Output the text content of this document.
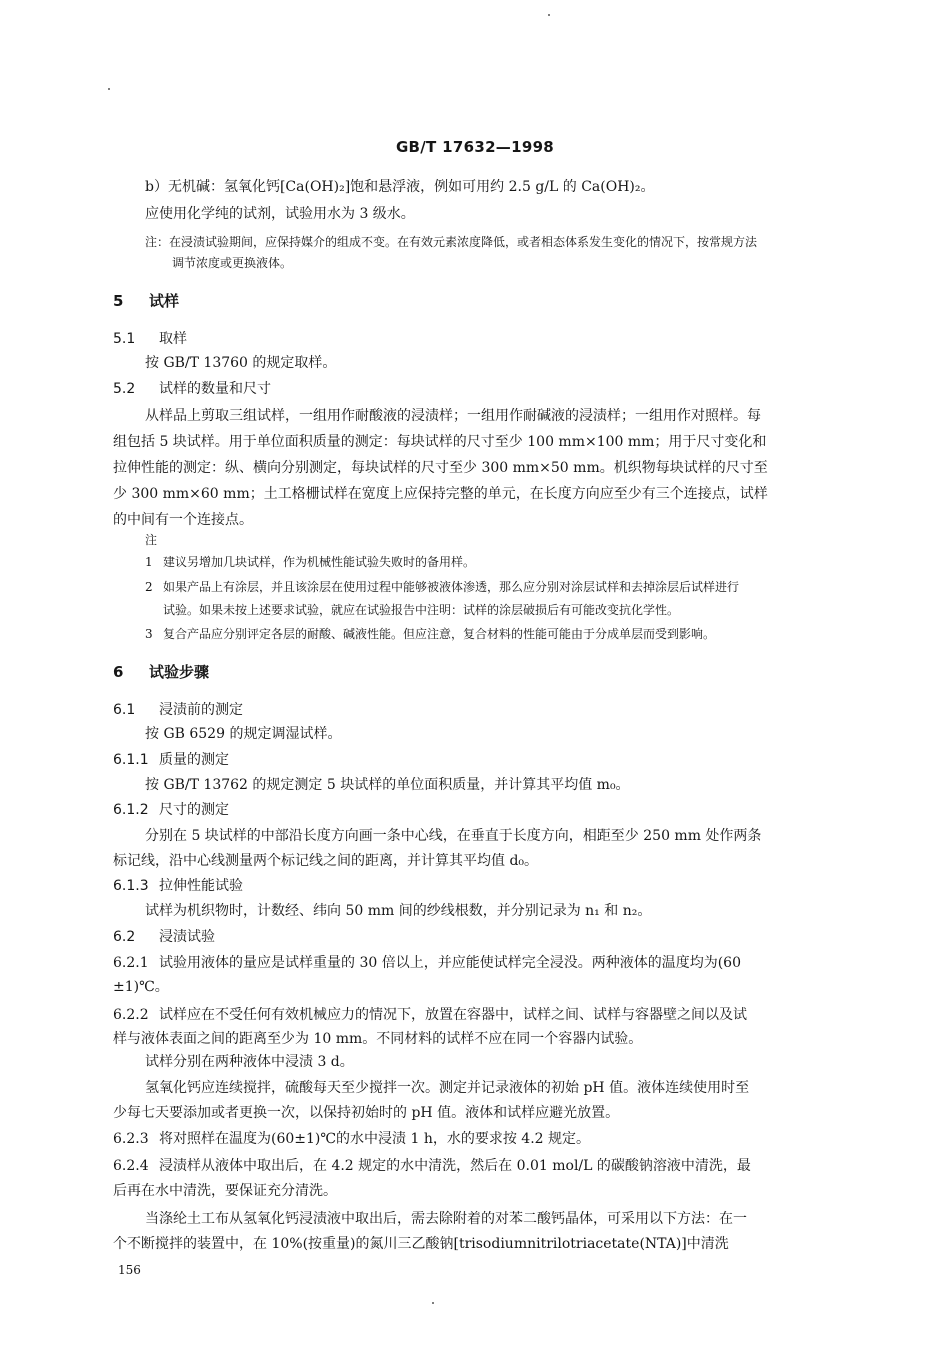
GB/T 17632—1998
b）无机碱：氢氧化钙[Ca(OH)₂]饱和悬浮液，例如可用约 2.5 g/L 的 Ca(OH)₂。
应使用化学纯的试剂，试验用水为 3 级水。
注：在浸渍试验期间，应保持媒介的组成不变。在有效元素浓度降低，或者相态体系发生变化的情况下，按常规方法
调节浓度或更换液体。
5 试样
5.1 取样
按 GB/T 13760 的规定取样。
5.2 试样的数量和尺寸
从样品上剪取三组试样，一组用作耐酸液的浸渍样；一组用作耐碱液的浸渍样；一组用作对照样。每
组包括 5 块试样。用于单位面积质量的测定：每块试样的尺寸至少 100 mm×100 mm；用于尺寸变化和
拉伸性能的测定：纵、横向分别测定，每块试样的尺寸至少 300 mm×50 mm。机织物每块试样的尺寸至
少 300 mm×60 mm；土工格栅试样在宽度上应保持完整的单元，在长度方向应至少有三个连接点，试样
的中间有一个连接点。
注
1 建议另增加几块试样，作为机械性能试验失败时的备用样。
2 如果产品上有涂层，并且该涂层在使用过程中能够被液体渗透，那么应分别对涂层试样和去掉涂层后试样进行
试验。如果未按上述要求试验，就应在试验报告中注明：试样的涂层破损后有可能改变抗化学性。
3 复合产品应分别评定各层的耐酸、碱液性能。但应注意，复合材料的性能可能由于分成单层而受到影响。
6 试验步骤
6.1 浸渍前的测定
按 GB 6529 的规定调湿试样。
6.1.1 质量的测定
按 GB/T 13762 的规定测定 5 块试样的单位面积质量，并计算其平均值 m₀。
6.1.2 尺寸的测定
分别在 5 块试样的中部沿长度方向画一条中心线，在垂直于长度方向，相距至少 250 mm 处作两条
标记线，沿中心线测量两个标记线之间的距离，并计算其平均值 d₀。
6.1.3 拉伸性能试验
试样为机织物时，计数经、纬向 50 mm 间的纱线根数，并分别记录为 n₁ 和 n₂。
6.2 浸渍试验
6.2.1 试验用液体的量应是试样重量的 30 倍以上，并应能使试样完全浸没。两种液体的温度均为(60
±1)℃。
6.2.2 试样应在不受任何有效机械应力的情况下，放置在容器中，试样之间、试样与容器壁之间以及试
样与液体表面之间的距离至少为 10 mm。不同材料的试样不应在同一个容器内试验。
试样分别在两种液体中浸渍 3 d。
氢氧化钙应连续搅拌，硫酸每天至少搅拌一次。测定并记录液体的初始 pH 值。液体连续使用时至
少每七天要添加或者更换一次，以保持初始时的 pH 值。液体和试样应避光放置。
6.2.3 将对照样在温度为(60±1)℃的水中浸渍 1 h，水的要求按 4.2 规定。
6.2.4 浸渍样从液体中取出后，在 4.2 规定的水中清洗，然后在 0.01 mol/L 的碳酸钠溶液中清洗，最
后再在水中清洗，要保证充分清洗。
当涤纶土工布从氢氧化钙浸渍液中取出后，需去除附着的对苯二酸钙晶体，可采用以下方法：在一
个不断搅拌的装置中，在 10%(按重量)的氮川三乙酸钠[trisodiumnitrilotriacetate(NTA)]中清洗
156
